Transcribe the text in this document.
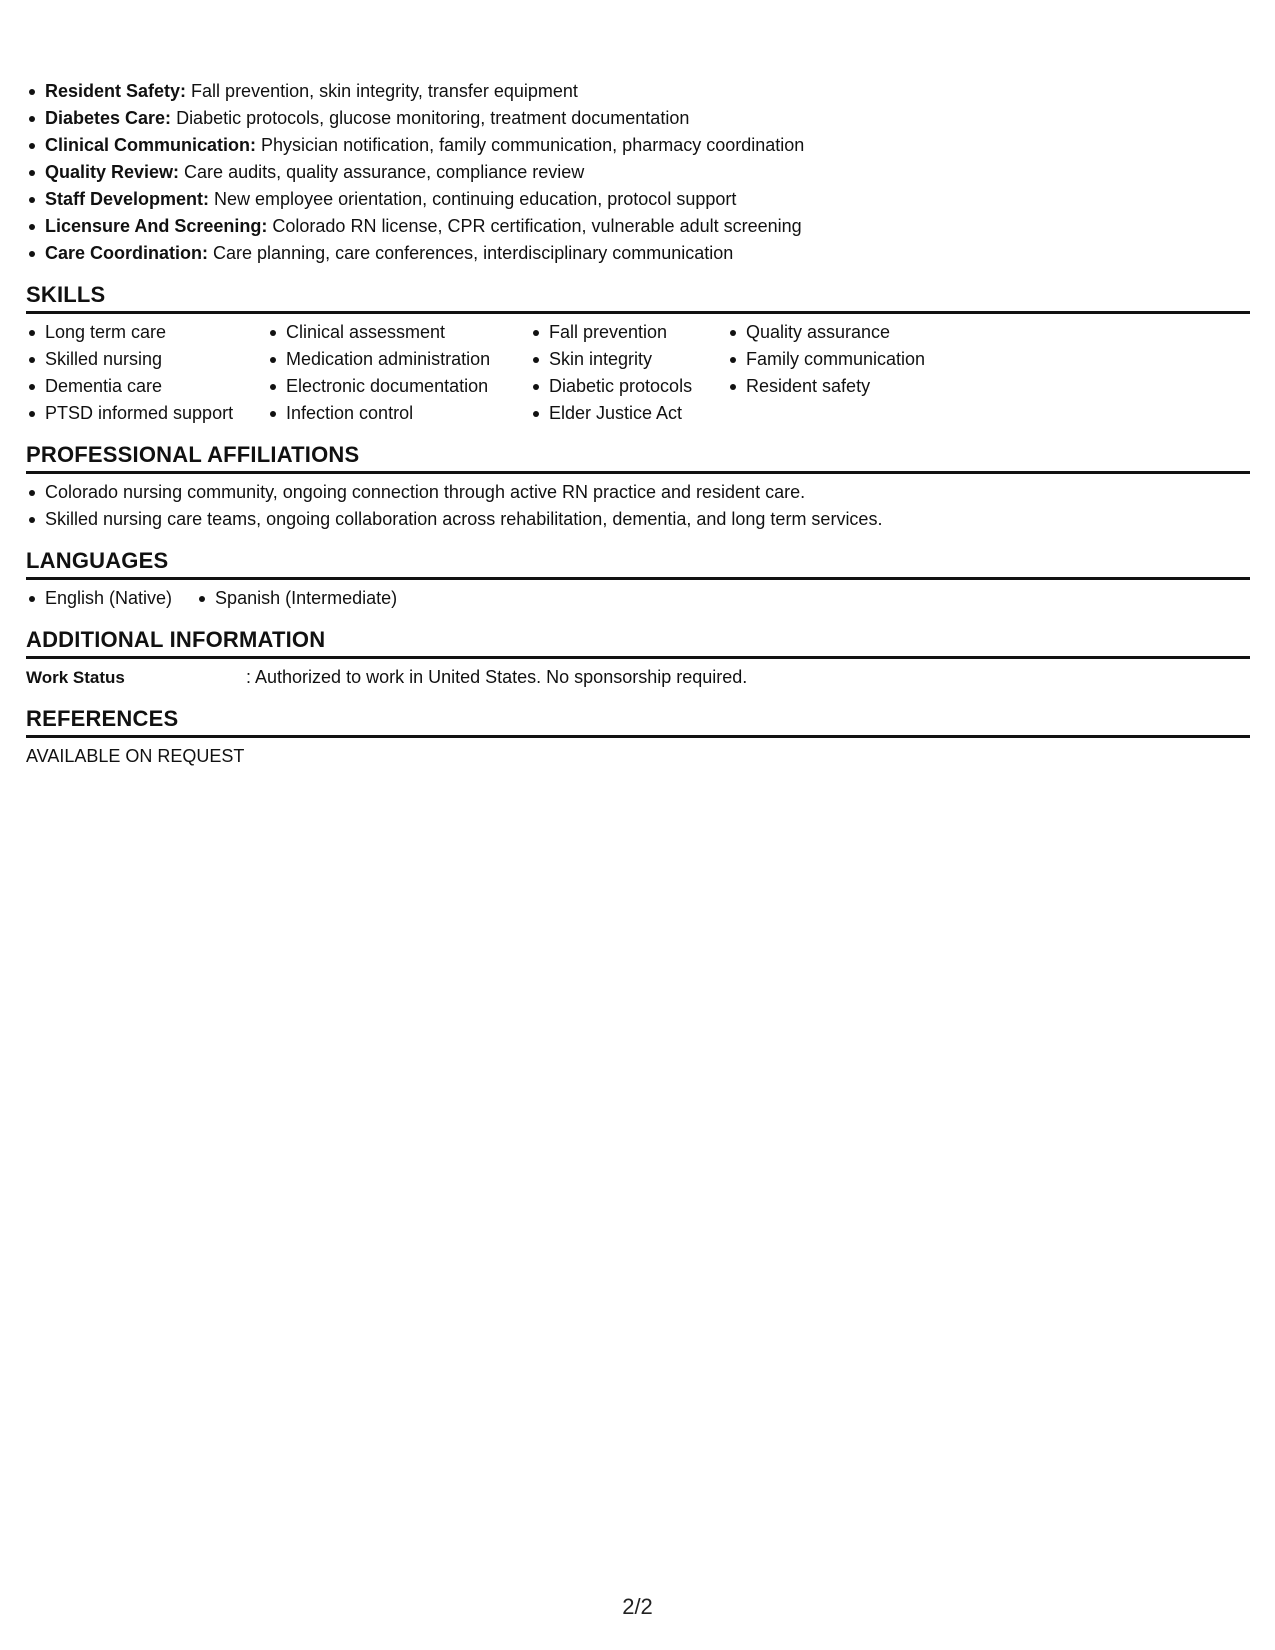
Resident Safety: Fall prevention, skin integrity, transfer equipment
Diabetes Care: Diabetic protocols, glucose monitoring, treatment documentation
Clinical Communication: Physician notification, family communication, pharmacy coordination
Quality Review: Care audits, quality assurance, compliance review
Staff Development: New employee orientation, continuing education, protocol support
Licensure And Screening: Colorado RN license, CPR certification, vulnerable adult screening
Care Coordination: Care planning, care conferences, interdisciplinary communication
SKILLS
Long term care
Skilled nursing
Dementia care
PTSD informed support
Clinical assessment
Medication administration
Electronic documentation
Infection control
Fall prevention
Skin integrity
Diabetic protocols
Elder Justice Act
Quality assurance
Family communication
Resident safety
PROFESSIONAL AFFILIATIONS
Colorado nursing community, ongoing connection through active RN practice and resident care.
Skilled nursing care teams, ongoing collaboration across rehabilitation, dementia, and long term services.
LANGUAGES
English (Native)	Spanish (Intermediate)
ADDITIONAL INFORMATION
Work Status	: Authorized to work in United States. No sponsorship required.
REFERENCES
AVAILABLE ON REQUEST
2/2
